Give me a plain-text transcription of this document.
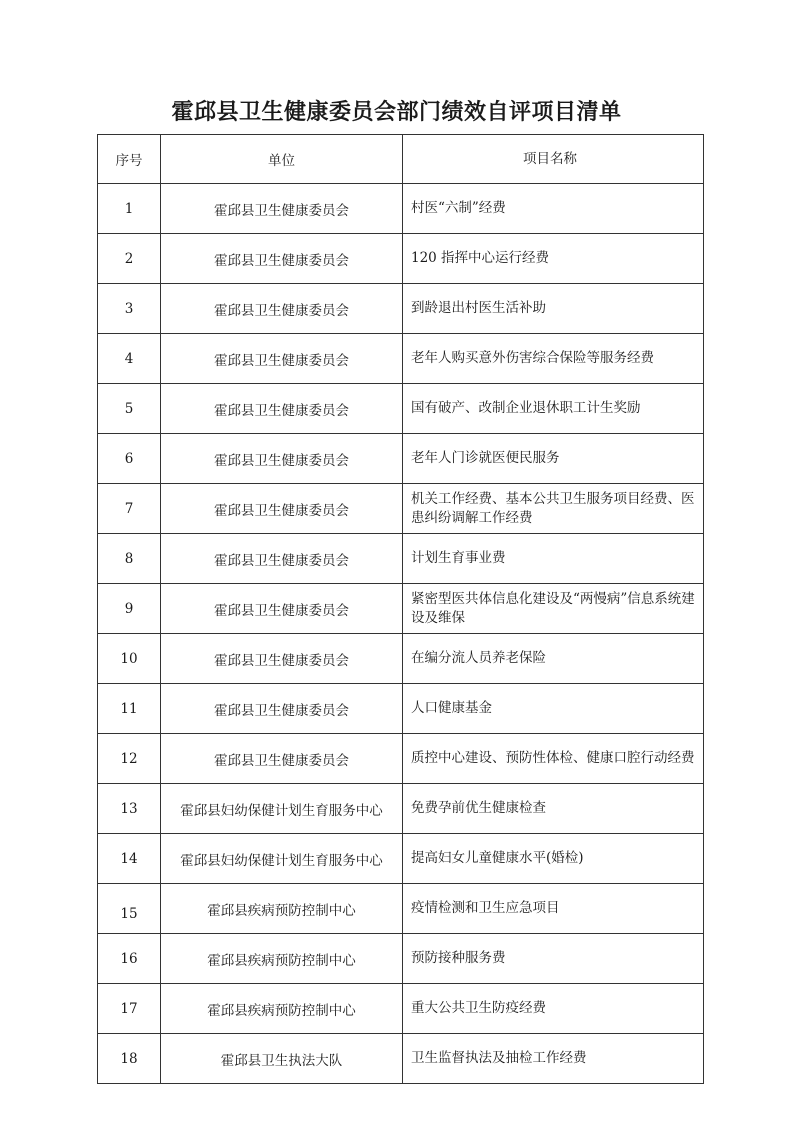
霍邱县卫生健康委员会部门绩效自评项目清单
序号	单位	项目名称
1	霍邱县卫生健康委员会	村医“六制”经费
2	霍邱县卫生健康委员会	120 指挥中心运行经费
3	霍邱县卫生健康委员会	到龄退出村医生活补助
4	霍邱县卫生健康委员会	老年人购买意外伤害综合保险等服务经费
5	霍邱县卫生健康委员会	国有破产、改制企业退休职工计生奖励
6	霍邱县卫生健康委员会	老年人门诊就医便民服务
7	霍邱县卫生健康委员会	机关工作经费、基本公共卫生服务项目经费、医患纠纷调解工作经费
8	霍邱县卫生健康委员会	计划生育事业费
9	霍邱县卫生健康委员会	紧密型医共体信息化建设及“两慢病”信息系统建设及维保
10	霍邱县卫生健康委员会	在编分流人员养老保险
11	霍邱县卫生健康委员会	人口健康基金
12	霍邱县卫生健康委员会	质控中心建设、预防性体检、健康口腔行动经费
13	霍邱县妇幼保健计划生育服务中心	免费孕前优生健康检查
14	霍邱县妇幼保健计划生育服务中心	提高妇女儿童健康水平(婚检)
15	霍邱县疾病预防控制中心	疫情检测和卫生应急项目
16	霍邱县疾病预防控制中心	预防接种服务费
17	霍邱县疾病预防控制中心	重大公共卫生防疫经费
18	霍邱县卫生执法大队	卫生监督执法及抽检工作经费
